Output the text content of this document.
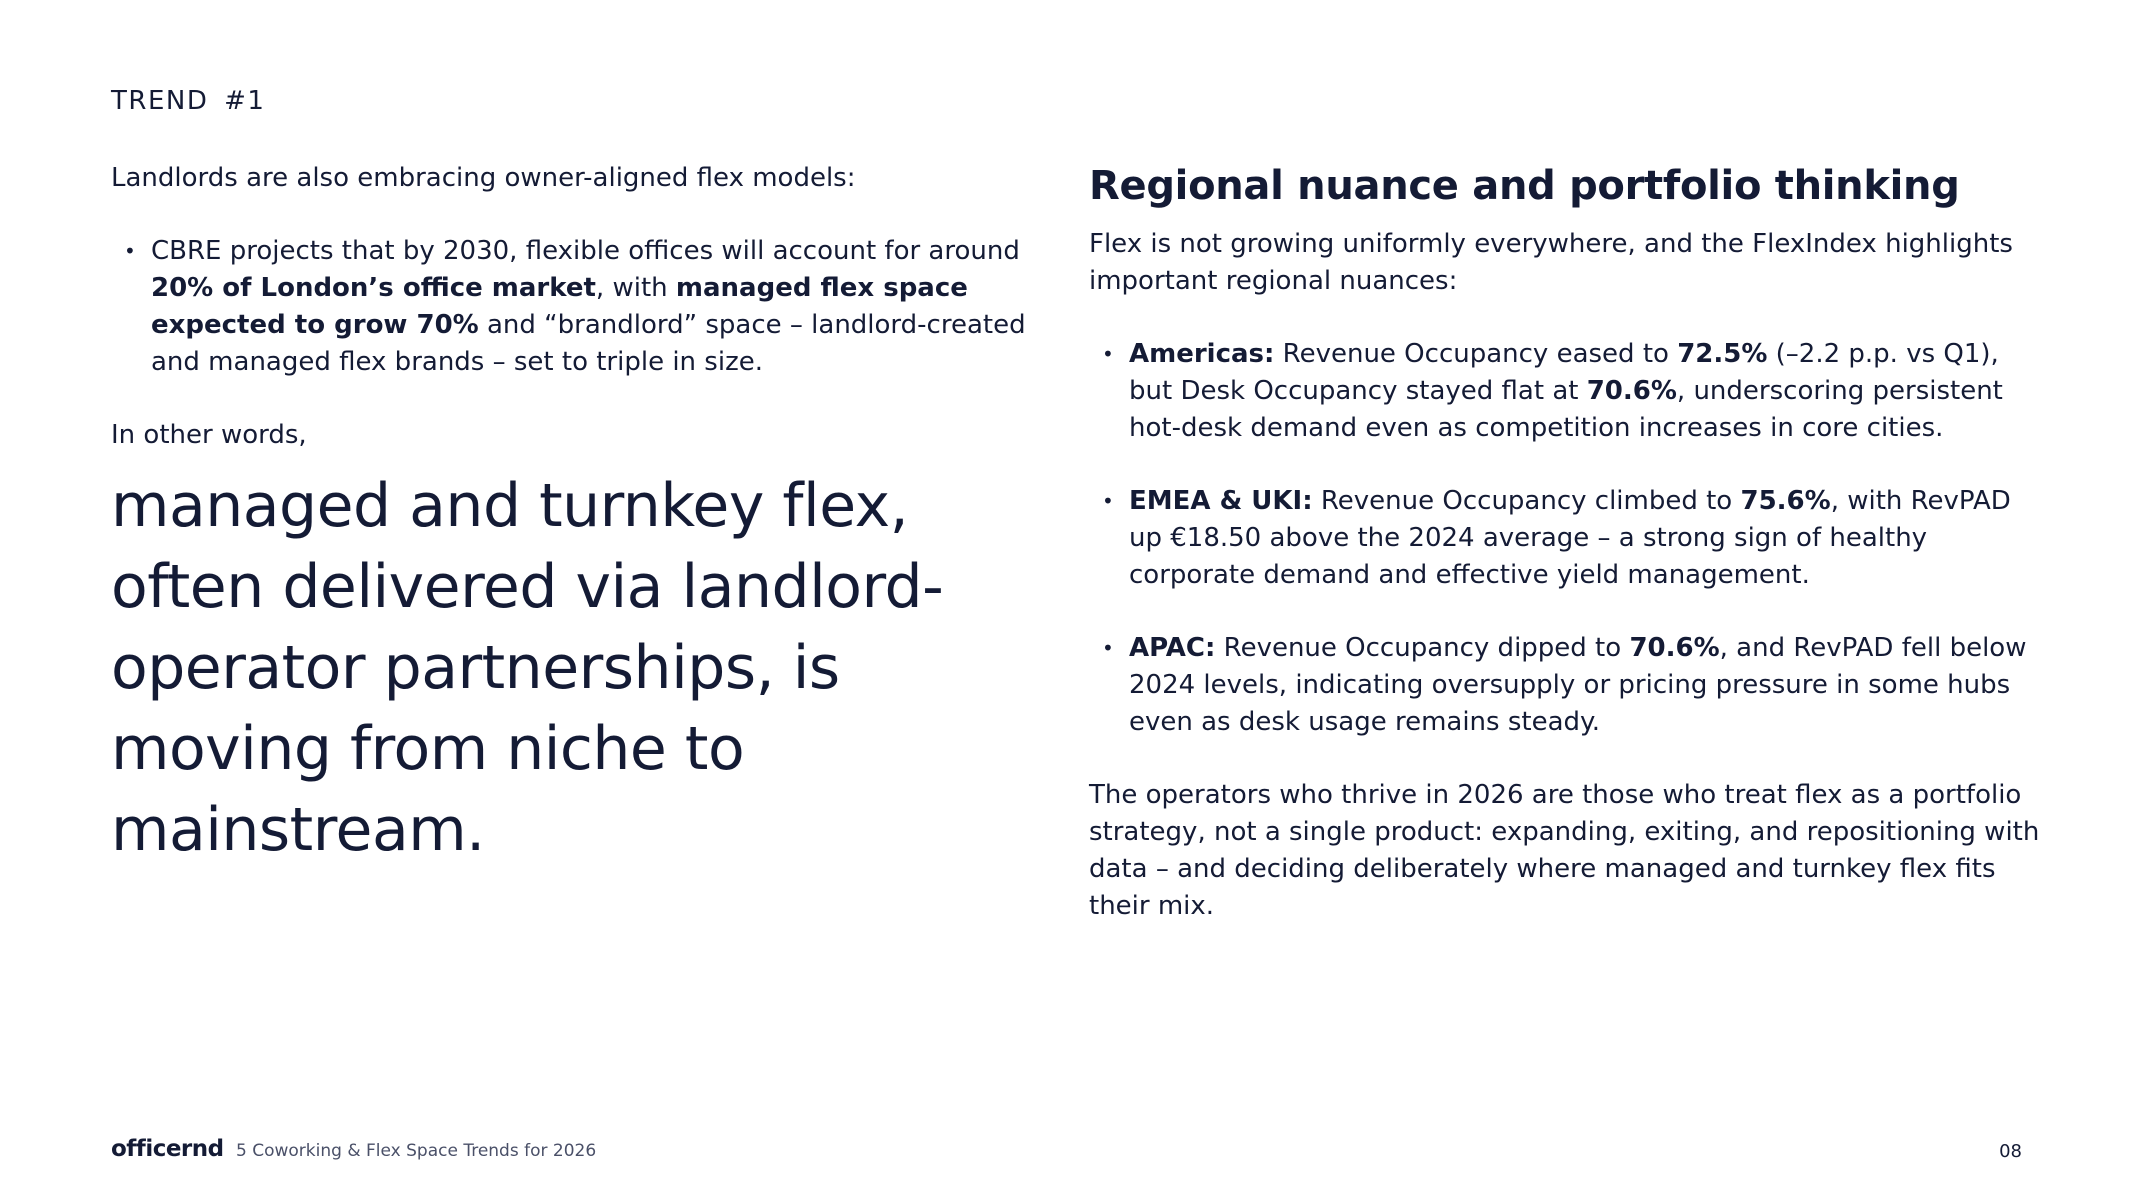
TREND #1

Landlords are also embracing owner-aligned flex models:

• CBRE projects that by 2030, flexible offices will account for around 20% of London’s office market, with managed flex space expected to grow 70% and “brandlord” space – landlord-created and managed flex brands – set to triple in size.

In other words,

managed and turnkey flex, often delivered via landlord-operator partnerships, is moving from niche to mainstream.

Regional nuance and portfolio thinking

Flex is not growing uniformly everywhere, and the FlexIndex highlights important regional nuances:

• Americas: Revenue Occupancy eased to 72.5% (–2.2 p.p. vs Q1), but Desk Occupancy stayed flat at 70.6%, underscoring persistent hot-desk demand even as competition increases in core cities.
• EMEA & UKI: Revenue Occupancy climbed to 75.6%, with RevPAD up €18.50 above the 2024 average – a strong sign of healthy corporate demand and effective yield management.
• APAC: Revenue Occupancy dipped to 70.6%, and RevPAD fell below 2024 levels, indicating oversupply or pricing pressure in some hubs even as desk usage remains steady.

The operators who thrive in 2026 are those who treat flex as a portfolio strategy, not a single product: expanding, exiting, and repositioning with data – and deciding deliberately where managed and turnkey flex fits their mix.

officernd 5 Coworking & Flex Space Trends for 2026	08
